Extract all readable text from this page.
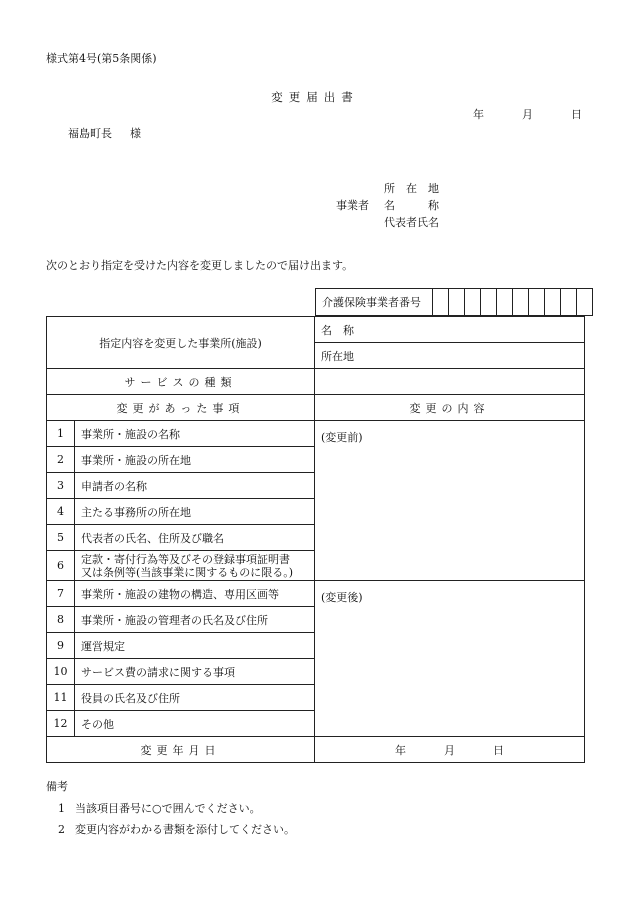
様式第4号(第5条関係)
変更届出書
年	月	日
福島町長 様
事業者
所　在　地
名　　　称
代表者氏名
次のとおり指定を受けた内容を変更しましたので届け出ます。
介護保険事業者番号
指定内容を変更した事業所(施設)		名　称
		所在地
サービスの種類		
変更があった事項		変更の内容
1	事業所・施設の名称	(変更前)
2	事業所・施設の所在地	
3	申請者の名称	
4	主たる事務所の所在地	
5	代表者の氏名、住所及び職名	
6	定款・寄付行為等及びその登録事項証明書
又は条例等(当該事業に関するものに限る。)	

7	事業所・施設の建物の構造、専用区画等	(変更後)
8	事業所・施設の管理者の氏名及び住所	
9	運営規定	
10	サービス費の請求に関する事項	
11	役員の氏名及び住所	
12	その他	
変更年月日		年 月 日
備考
1 当該項目番号に○で囲んでください。
2 変更内容がわかる書類を添付してください。
